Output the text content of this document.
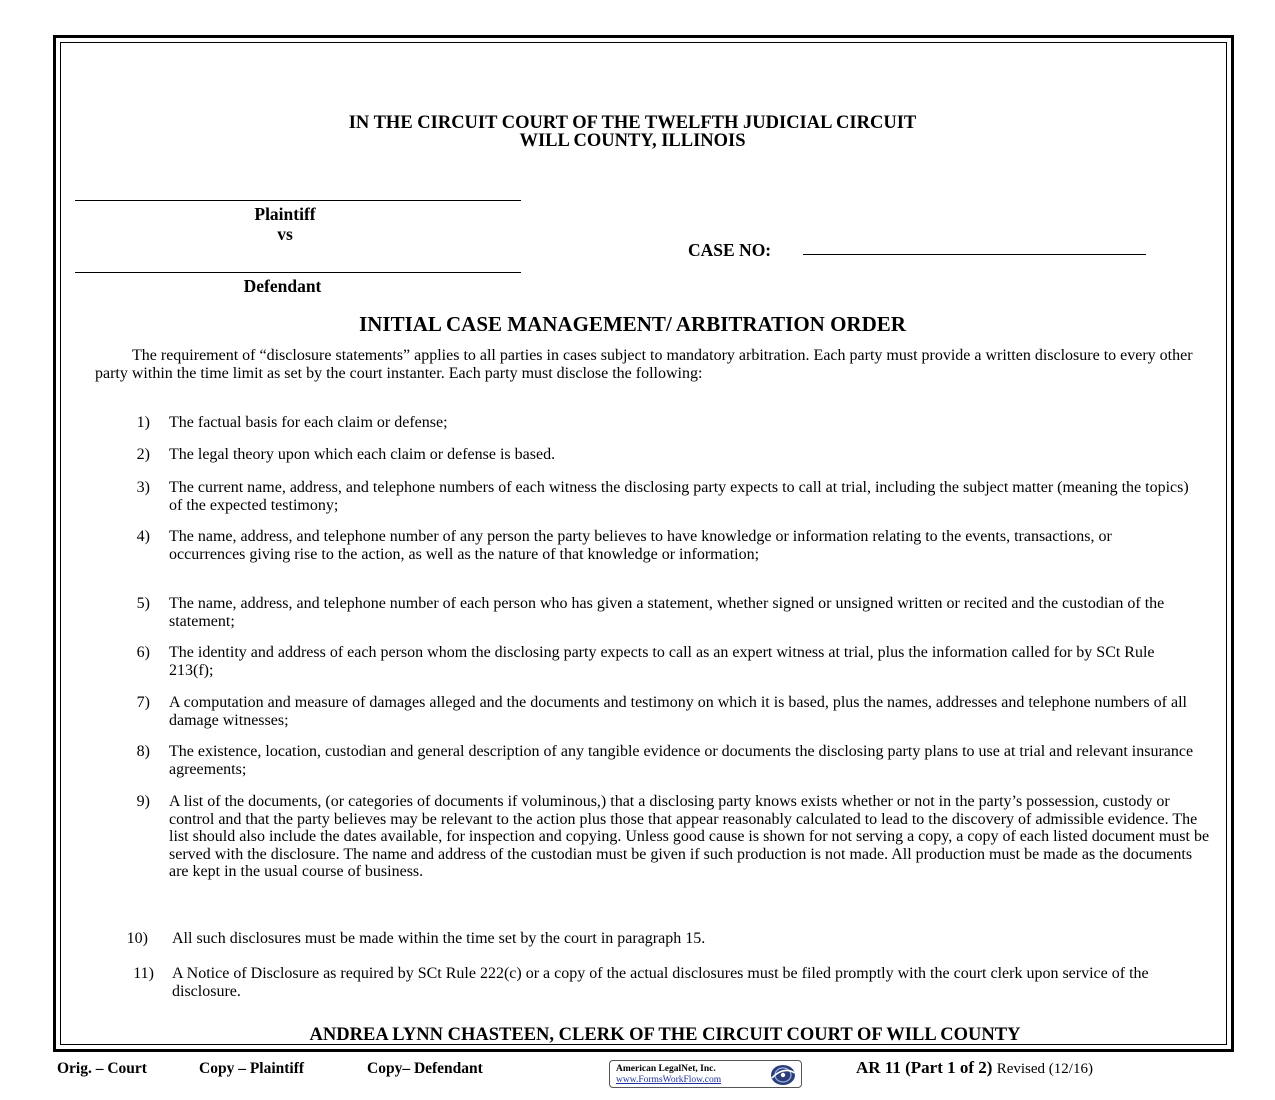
IN THE CIRCUIT COURT OF THE TWELFTH JUDICIAL CIRCUIT
WILL COUNTY, ILLINOIS
Plaintiff
vs
Defendant
CASE NO:
INITIAL CASE MANAGEMENT/ ARBITRATION ORDER
The requirement of “disclosure statements” applies to all parties in cases subject to mandatory arbitration. Each party must provide a written disclosure to every other party within the time limit as set by the court instanter. Each party must disclose the following:
1) The factual basis for each claim or defense;
2) The legal theory upon which each claim or defense is based.
3) The current name, address, and telephone numbers of each witness the disclosing party expects to call at trial, including the subject matter (meaning the topics) of the expected testimony;
4) The name, address, and telephone number of any person the party believes to have knowledge or information relating to the events, transactions, or occurrences giving rise to the action, as well as the nature of that knowledge or information;
5) The name, address, and telephone number of each person who has given a statement, whether signed or unsigned written or recited and the custodian of the statement;
6) The identity and address of each person whom the disclosing party expects to call as an expert witness at trial, plus the information called for by SCt Rule 213(f);
7) A computation and measure of damages alleged and the documents and testimony on which it is based, plus the names, addresses and telephone numbers of all damage witnesses;
8) The existence, location, custodian and general description of any tangible evidence or documents the disclosing party plans to use at trial and relevant insurance agreements;
9) A list of the documents, (or categories of documents if voluminous,) that a disclosing party knows exists whether or not in the party’s possession, custody or control and that the party believes may be relevant to the action plus those that appear reasonably calculated to lead to the discovery of admissible evidence. The list should also include the dates available, for inspection and copying. Unless good cause is shown for not serving a copy, a copy of each listed document must be served with the disclosure. The name and address of the custodian must be given if such production is not made. All production must be made as the documents are kept in the usual course of business.
10) All such disclosures must be made within the time set by the court in paragraph 15.
11) A Notice of Disclosure as required by SCt Rule 222(c) or a copy of the actual disclosures must be filed promptly with the court clerk upon service of the disclosure.
ANDREA LYNN CHASTEEN, CLERK OF THE CIRCUIT COURT OF WILL COUNTY
Orig. – Court	Copy – Plaintiff	Copy– Defendant	American LegalNet, Inc.
www.FormsWorkFlow.com
AR 11 (Part 1 of 2) Revised (12/16)
